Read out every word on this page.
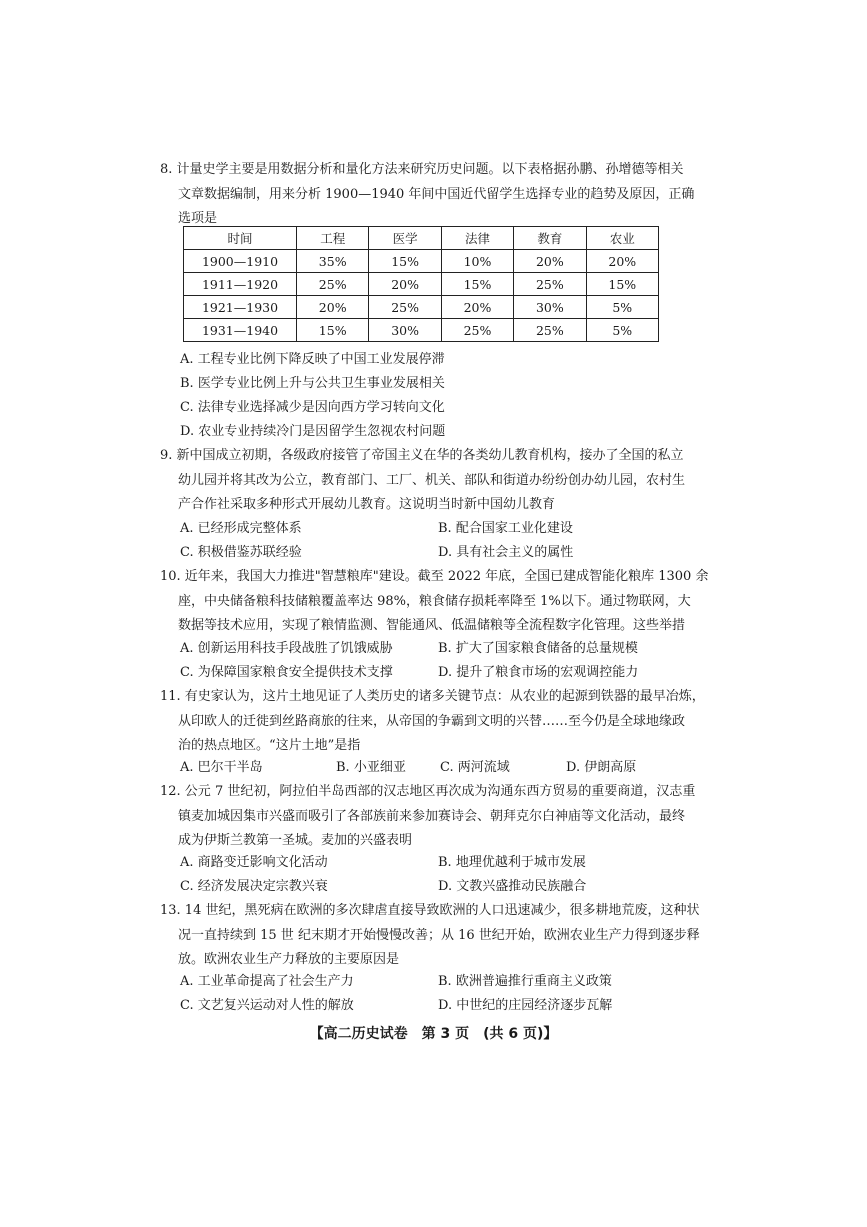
8. 计量史学主要是用数据分析和量化方法来研究历史问题。以下表格据孙鹏、孙增德等相关
文章数据编制，用来分析 1900—1940 年间中国近代留学生选择专业的趋势及原因，正确
选项是
时间	工程	医学	法律	教育	农业
1900—1910	35%	15%	10%	20%	20%
1911—1920	25%	20%	15%	25%	15%
1921—1930	20%	25%	20%	30%	5%
1931—1940	15%	30%	25%	25%	5%
A. 工程专业比例下降反映了中国工业发展停滞
B. 医学专业比例上升与公共卫生事业发展相关
C. 法律专业选择减少是因向西方学习转向文化
D. 农业专业持续冷门是因留学生忽视农村问题
9. 新中国成立初期，各级政府接管了帝国主义在华的各类幼儿教育机构，接办了全国的私立
幼儿园并将其改为公立，教育部门、工厂、机关、部队和街道办纷纷创办幼儿园，农村生
产合作社采取多种形式开展幼儿教育。这说明当时新中国幼儿教育
A. 已经形成完整体系	B. 配合国家工业化建设
C. 积极借鉴苏联经验	D. 具有社会主义的属性
10. 近年来，我国大力推进"智慧粮库"建设。截至 2022 年底，全国已建成智能化粮库 1300 余
座，中央储备粮科技储粮覆盖率达 98%，粮食储存损耗率降至 1%以下。通过物联网，大
数据等技术应用，实现了粮情监测、智能通风、低温储粮等全流程数字化管理。这些举措
A. 创新运用科技手段战胜了饥饿威胁	B. 扩大了国家粮食储备的总量规模
C. 为保障国家粮食安全提供技术支撑	D. 提升了粮食市场的宏观调控能力
11. 有史家认为，这片土地见证了人类历史的诸多关键节点：从农业的起源到铁器的最早冶炼，
从印欧人的迁徙到丝路商旅的往来，从帝国的争霸到文明的兴替……至今仍是全球地缘政
治的热点地区。“这片土地”是指
A. 巴尔干半岛	B. 小亚细亚	C. 两河流域	D. 伊朗高原
12. 公元 7 世纪初，阿拉伯半岛西部的汉志地区再次成为沟通东西方贸易的重要商道，汉志重
镇麦加城因集市兴盛而吸引了各部族前来参加赛诗会、朝拜克尔白神庙等文化活动，最终
成为伊斯兰教第一圣城。麦加的兴盛表明
A. 商路变迁影响文化活动	B. 地理优越利于城市发展
C. 经济发展决定宗教兴衰	D. 文教兴盛推动民族融合
13. 14 世纪，黑死病在欧洲的多次肆虐直接导致欧洲的人口迅速减少，很多耕地荒废，这种状
况一直持续到 15 世 纪末期才开始慢慢改善；从 16 世纪开始，欧洲农业生产力得到逐步释
放。欧洲农业生产力释放的主要原因是
A. 工业革命提高了社会生产力	B. 欧洲普遍推行重商主义政策
C. 文艺复兴运动对人性的解放	D. 中世纪的庄园经济逐步瓦解
【高二历史试卷　第 3 页　(共 6 页)】
